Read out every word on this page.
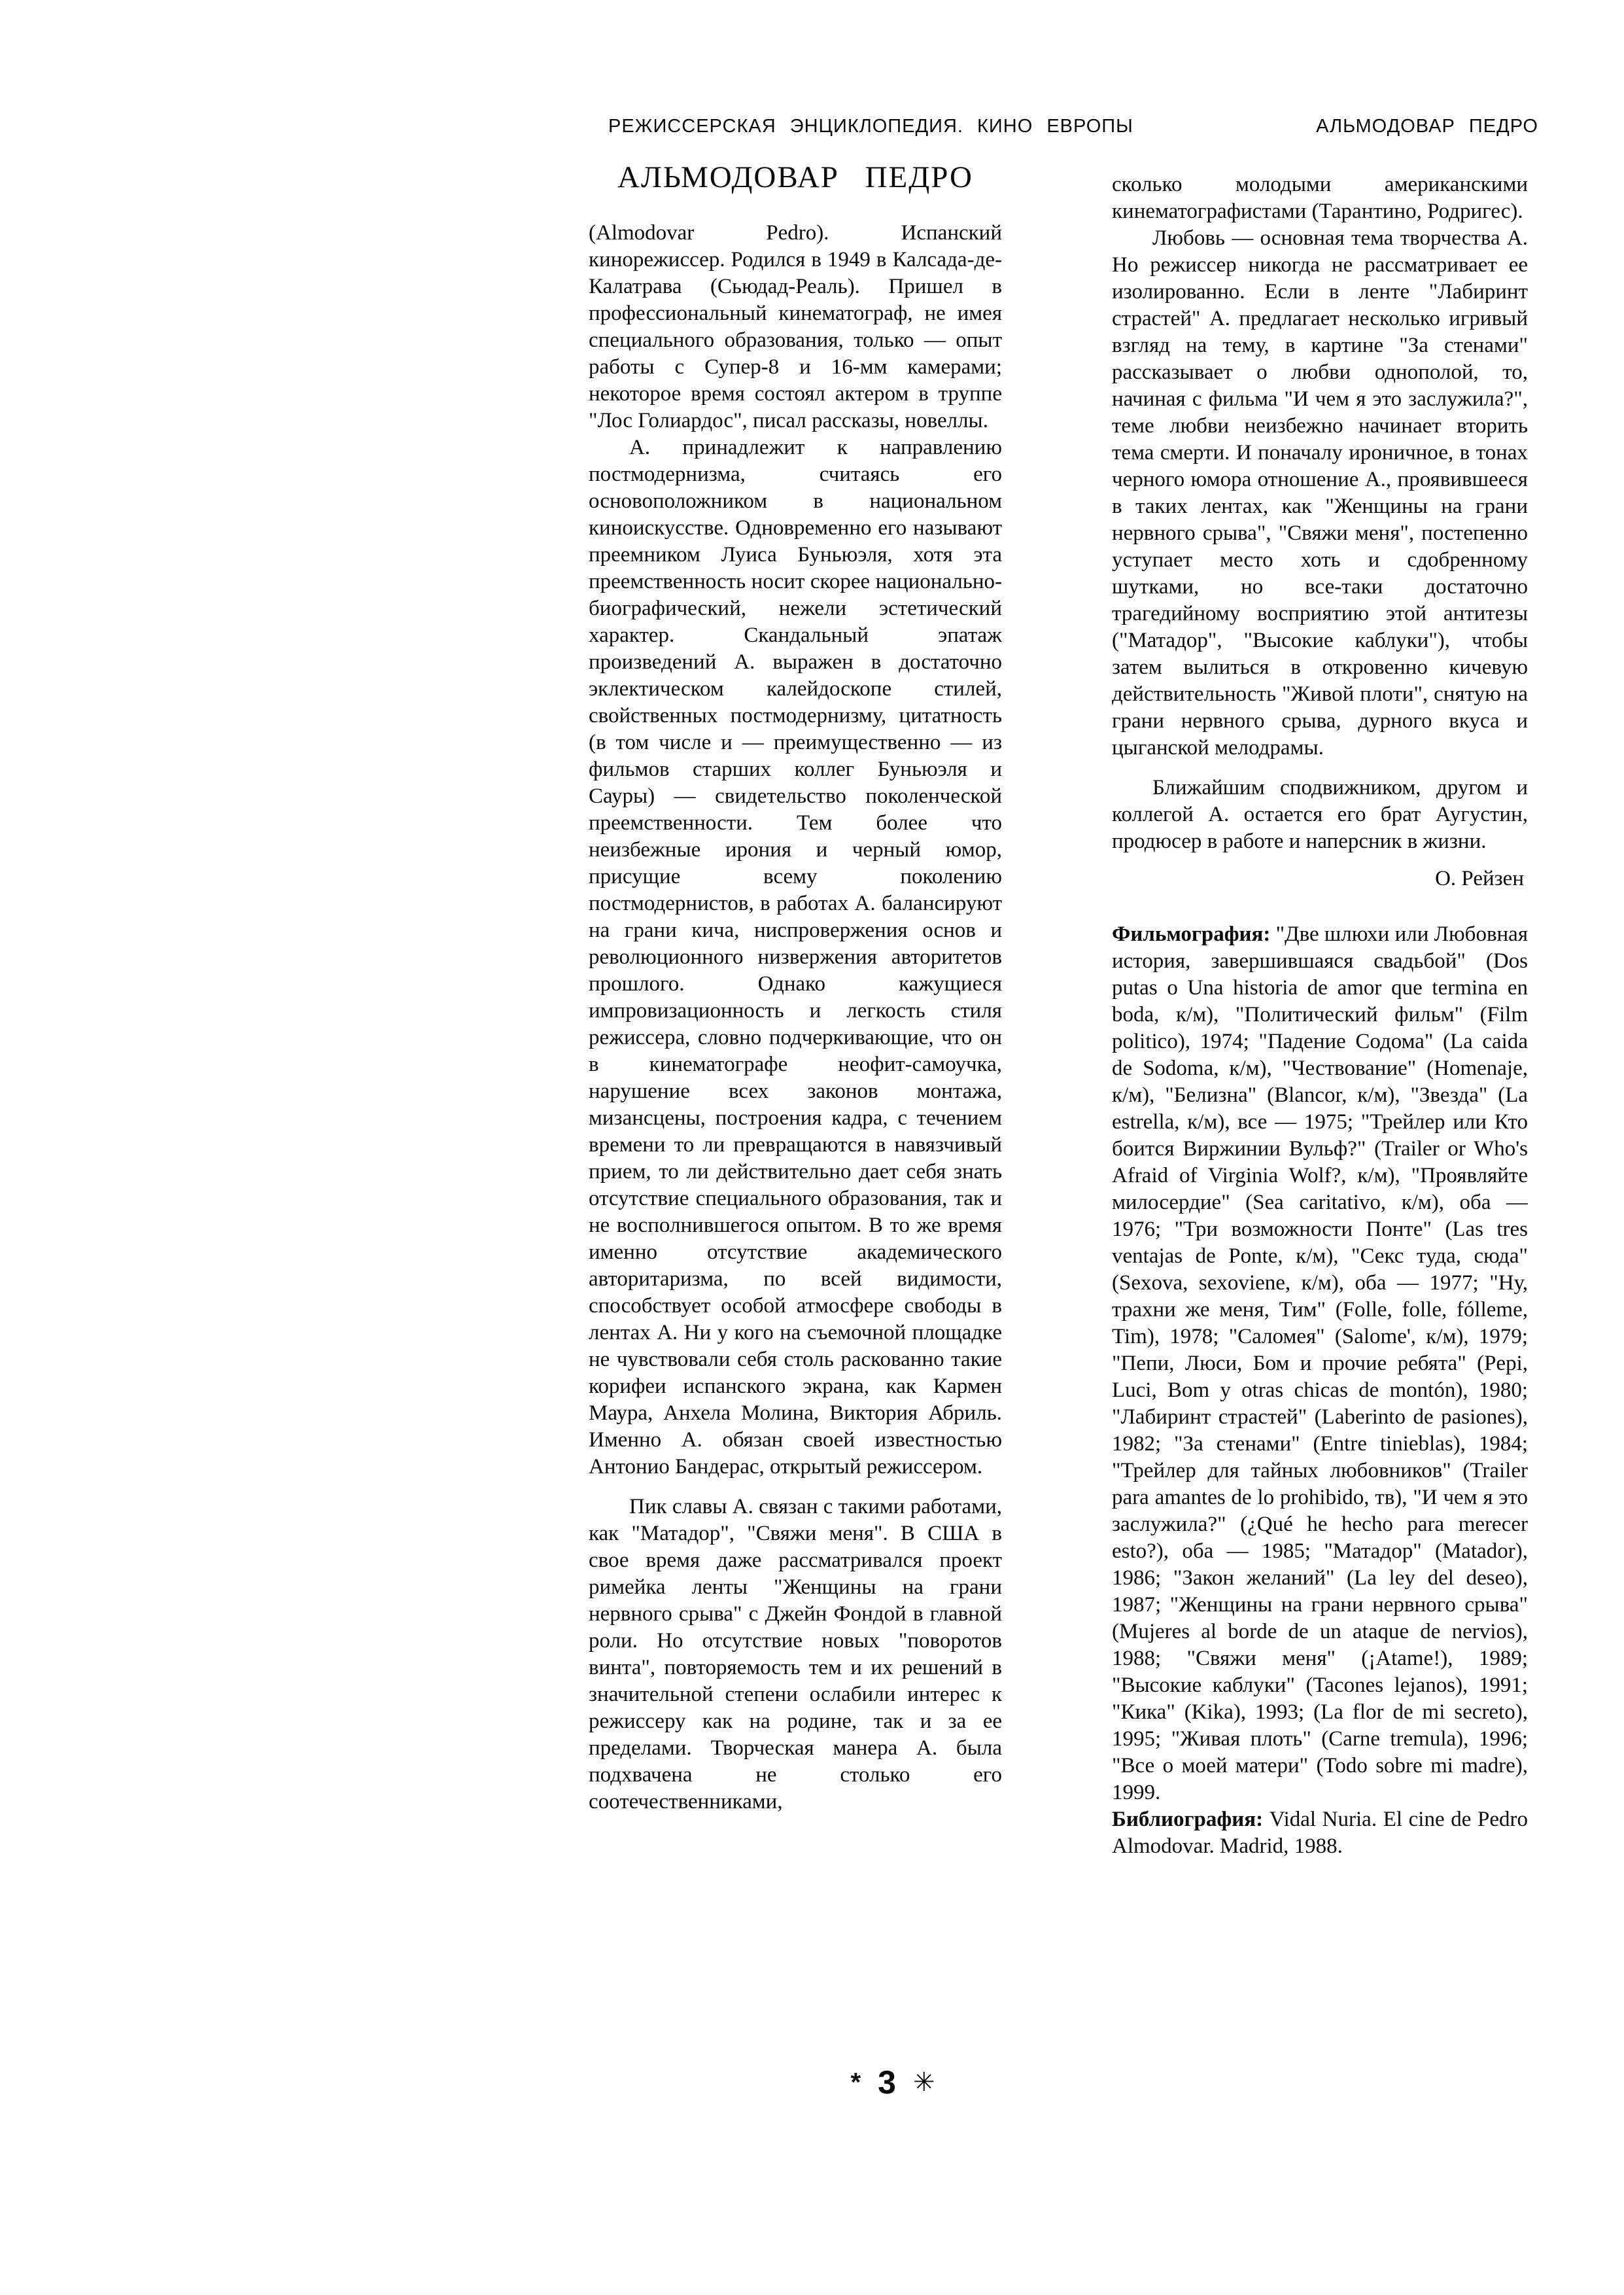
РЕЖИССЕРСКАЯ ЭНЦИКЛОПЕДИЯ. КИНО ЕВРОПЫ	АЛЬМОДОВАР ПЕДРО
АЛЬМОДОВАР ПЕДРО

(Almodovar Pedro). Испанский кинорежиссер. Родился в 1949 в Калсада-де-Калатрава (Сьюдад-Реаль). Пришел в профессиональный кинематограф, не имея специального образования, только — опыт работы с Супер-8 и 16-мм камерами; некоторое время состоял актером в труппе "Лос Голиардос", писал рассказы, новеллы.

А. принадлежит к направлению постмодернизма, считаясь его основоположником в национальном киноискусстве. Одновременно его называют преемником Луиса Буньюэля, хотя эта преемственность носит скорее национально-биографический, нежели эстетический характер. Скандальный эпатаж произведений А. выражен в достаточно эклектическом калейдоскопе стилей, свойственных постмодернизму, цитатность (в том числе и — преимущественно — из фильмов старших коллег Буньюэля и Сауры) — свидетельство поколенческой преемственности. Тем более что неизбежные ирония и черный юмор, присущие всему поколению постмодернистов, в работах А. балансируют на грани кича, ниспровержения основ и революционного низвержения авторитетов прошлого. Однако кажущиеся импровизационность и легкость стиля режиссера, словно подчеркивающие, что он в кинематографе неофит-самоучка, нарушение всех законов монтажа, мизансцены, построения кадра, с течением времени то ли превращаются в навязчивый прием, то ли действительно дает себя знать отсутствие специального образования, так и не восполнившегося опытом. В то же время именно отсутствие академического авторитаризма, по всей видимости, способствует особой атмосфере свободы в лентах А. Ни у кого на съемочной площадке не чувствовали себя столь раскованно такие корифеи испанского экрана, как Кармен Маура, Анхела Молина, Виктория Абриль. Именно А. обязан своей известностью Антонио Бандерас, открытый режиссером.

Пик славы А. связан с такими работами, как "Матадор", "Свяжи меня". В США в свое время даже рассматривался проект римейка ленты "Женщины на грани нервного срыва" с Джейн Фондой в главной роли. Но отсутствие новых "поворотов винта", повторяемость тем и их решений в значительной степени ослабили интерес к режиссеру как на родине, так и за ее пределами. Творческая манера А. была подхвачена не столько его соотечественниками,

сколько молодыми американскими кинематографистами (Тарантино, Родригес).

Любовь — основная тема творчества А. Но режиссер никогда не рассматривает ее изолированно. Если в ленте "Лабиринт страстей" А. предлагает несколько игривый взгляд на тему, в картине "За стенами" рассказывает о любви однополой, то, начиная с фильма "И чем я это заслужила?", теме любви неизбежно начинает вторить тема смерти. И поначалу ироничное, в тонах черного юмора отношение А., проявившееся в таких лентах, как "Женщины на грани нервного срыва", "Свяжи меня", постепенно уступает место хоть и сдобренному шутками, но все-таки достаточно трагедийному восприятию этой антитезы ("Матадор", "Высокие каблуки"), чтобы затем вылиться в откровенно кичевую действительность "Живой плоти", снятую на грани нервного срыва, дурного вкуса и цыганской мелодрамы.

Ближайшим сподвижником, другом и коллегой А. остается его брат Аугустин, продюсер в работе и наперсник в жизни.

О. Рейзен

Фильмография: "Две шлюхи или Любовная история, завершившаяся свадьбой" (Dos putas o Una historia de amor que termina en boda, к/м), "Политический фильм" (Film politico), 1974; "Падение Содома" (La caida de Sodoma, к/м), "Чествование" (Homenaje, к/м), "Белизна" (Blancor, к/м), "Звезда" (La estrella, к/м), все — 1975; "Трейлер или Кто боится Виржинии Вульф?" (Trailer or Who's Afraid of Virginia Wolf?, к/м), "Проявляйте милосердие" (Sea caritativo, к/м), оба — 1976; "Три возможности Понте" (Las tres ventajas de Ponte, к/м), "Секс туда, сюда" (Sexova, sexoviene, к/м), оба — 1977; "Ну, трахни же меня, Тим" (Folle, folle, fólleme, Tim), 1978; "Саломея" (Salome', к/м), 1979; "Пепи, Люси, Бом и прочие ребята" (Pepi, Luci, Bom y otras chicas de montón), 1980; "Лабиринт страстей" (Laberinto de pasiones), 1982; "За стенами" (Entre tinieblas), 1984; "Трейлер для тайных любовников" (Trailer para amantes de lo prohibido, тв), "И чем я это заслужила?" (¿Qué he hecho para merecer esto?), оба — 1985; "Матадор" (Matador), 1986; "Закон желаний" (La ley del deseo), 1987; "Женщины на грани нервного срыва" (Mujeres al borde de un ataque de nervios), 1988; "Свяжи меня" (¡Atame!), 1989; "Высокие каблуки" (Tacones lejanos), 1991; "Кика" (Kika), 1993; (La flor de mi secreto), 1995; "Живая плоть" (Carne tremula), 1996; "Все о моей матери" (Todo sobre mi madre), 1999.

Библиография: Vidal Nuria. El cine de Pedro Almodovar. Madrid, 1988.

* 3 ✳
